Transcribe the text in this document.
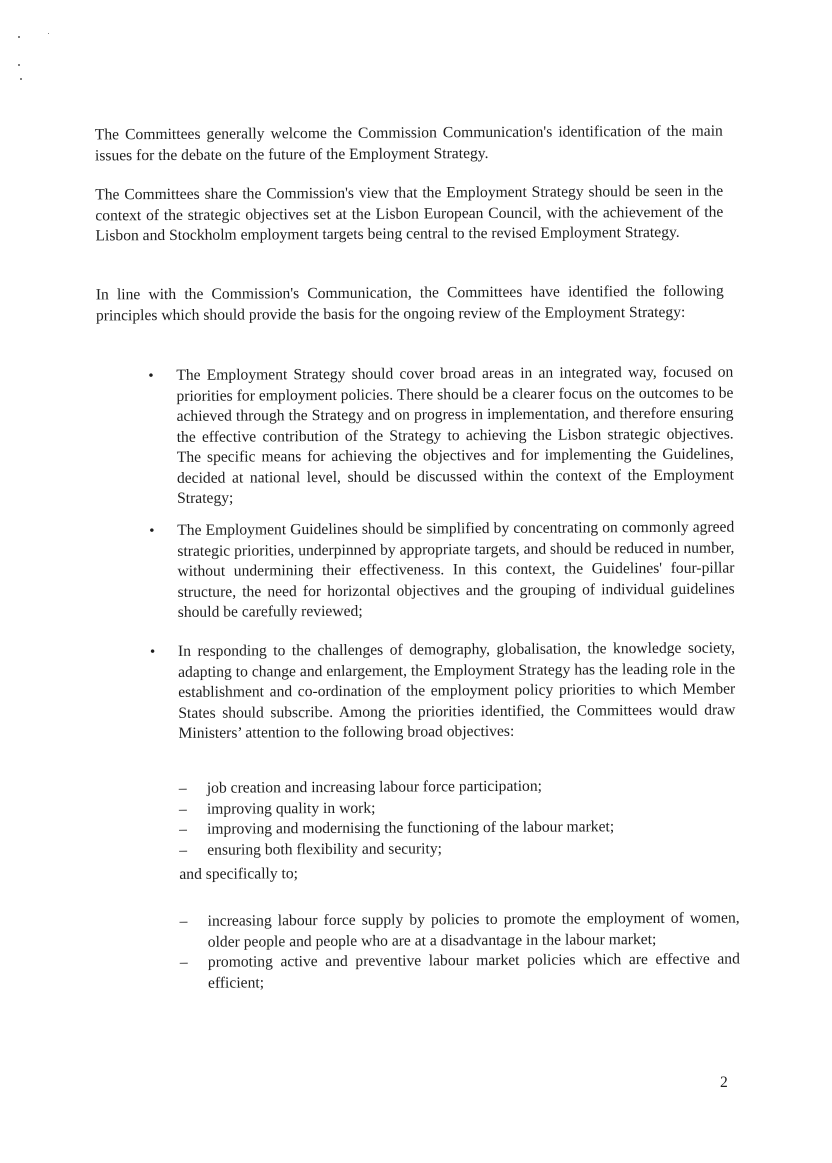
The Committees generally welcome the Commission Communication's identification of the main issues for the debate on the future of the Employment Strategy.

The Committees share the Commission's view that the Employment Strategy should be seen in the context of the strategic objectives set at the Lisbon European Council, with the achievement of the Lisbon and Stockholm employment targets being central to the revised Employment Strategy.

In line with the Commission's Communication, the Committees have identified the following principles which should provide the basis for the ongoing review of the Employment Strategy:

•	The Employment Strategy should cover broad areas in an integrated way, focused on priorities for employment policies. There should be a clearer focus on the outcomes to be achieved through the Strategy and on progress in implementation, and therefore ensuring the effective contribution of the Strategy to achieving the Lisbon strategic objectives. The specific means for achieving the objectives and for implementing the Guidelines, decided at national level, should be discussed within the context of the Employment Strategy;

•	The Employment Guidelines should be simplified by concentrating on commonly agreed strategic priorities, underpinned by appropriate targets, and should be reduced in number, without undermining their effectiveness. In this context, the Guidelines' four-pillar structure, the need for horizontal objectives and the grouping of individual guidelines should be carefully reviewed;

•	In responding to the challenges of demography, globalisation, the knowledge society, adapting to change and enlargement, the Employment Strategy has the leading role in the establishment and co-ordination of the employment policy priorities to which Member States should subscribe. Among the priorities identified, the Committees would draw Ministers’ attention to the following broad objectives:

–	job creation and increasing labour force participation;
–	improving quality in work;
–	improving and modernising the functioning of the labour market;
–	ensuring both flexibility and security;

and specifically to;

–	increasing labour force supply by policies to promote the employment of women, older people and people who are at a disadvantage in the labour market;
–	promoting active and preventive labour market policies which are effective and efficient;
2
